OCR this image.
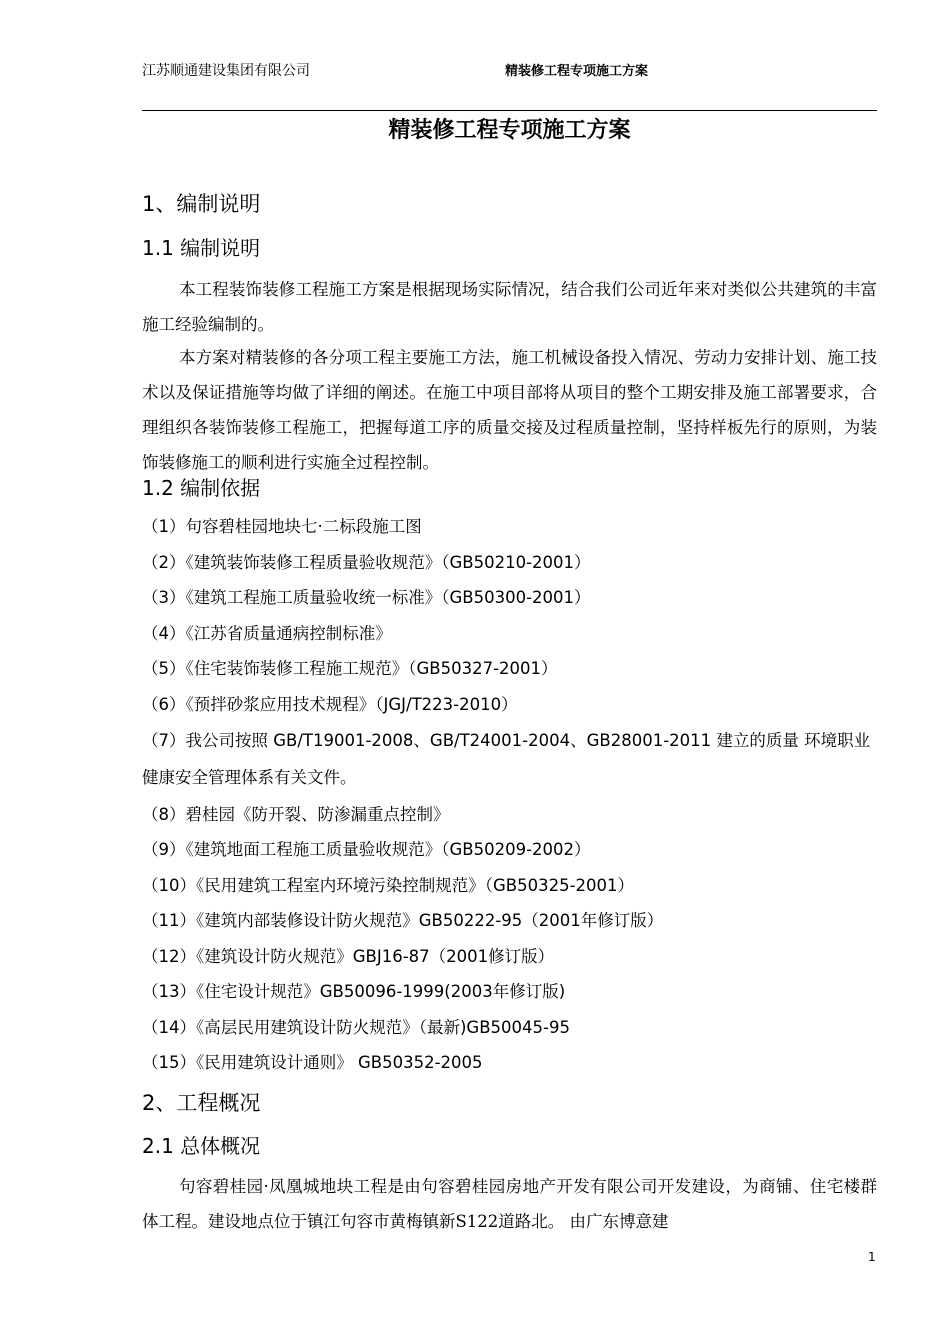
江苏顺通建设集团有限公司	精装修工程专项施工方案
精装修工程专项施工方案
1、编制说明
1.1 编制说明

本工程装饰装修工程施工方案是根据现场实际情况，结合我们公司近年来对类似公共建筑的丰富施工经验编制的。

本方案对精装修的各分项工程主要施工方法，施工机械设备投入情况、劳动力安排计划、施工技术以及保证措施等均做了详细的阐述。在施工中项目部将从项目的整个工期安排及施工部署要求，合理组织各装饰装修工程施工，把握每道工序的质量交接及过程质量控制，坚持样板先行的原则，为装饰装修施工的顺利进行实施全过程控制。

1.2 编制依据
（1）句容碧桂园地块七·二标段施工图
（2）《建筑装饰装修工程质量验收规范》（GB50210-2001）
（3）《建筑工程施工质量验收统一标准》（GB50300-2001）
（4）《江苏省质量通病控制标准》
（5）《住宅装饰装修工程施工规范》（GB50327-2001）
（6）《预拌砂浆应用技术规程》（JGJ/T223-2010）
（7）我公司按照 GB/T19001-2008、GB/T24001-2004、GB28001-2011 建立的质量 环境职业健康安全管理体系有关文件。
（8）碧桂园《防开裂、防渗漏重点控制》
（9）《建筑地面工程施工质量验收规范》（GB50209-2002）
（10）《民用建筑工程室内环境污染控制规范》（GB50325-2001）
（11）《建筑内部装修设计防火规范》GB50222-95（2001年修订版）
（12）《建筑设计防火规范》GBJ16-87（2001修订版）
（13）《住宅设计规范》GB50096-1999(2003年修订版)
（14）《高层民用建筑设计防火规范》（最新)GB50045-95
（15）《民用建筑设计通则》 GB50352-2005
2、工程概况
2.1 总体概况

句容碧桂园·凤凰城地块工程是由句容碧桂园房地产开发有限公司开发建设，为商铺、住宅楼群体工程。建设地点位于镇江句容市黄梅镇新S122道路北。 由广东博意建

1
